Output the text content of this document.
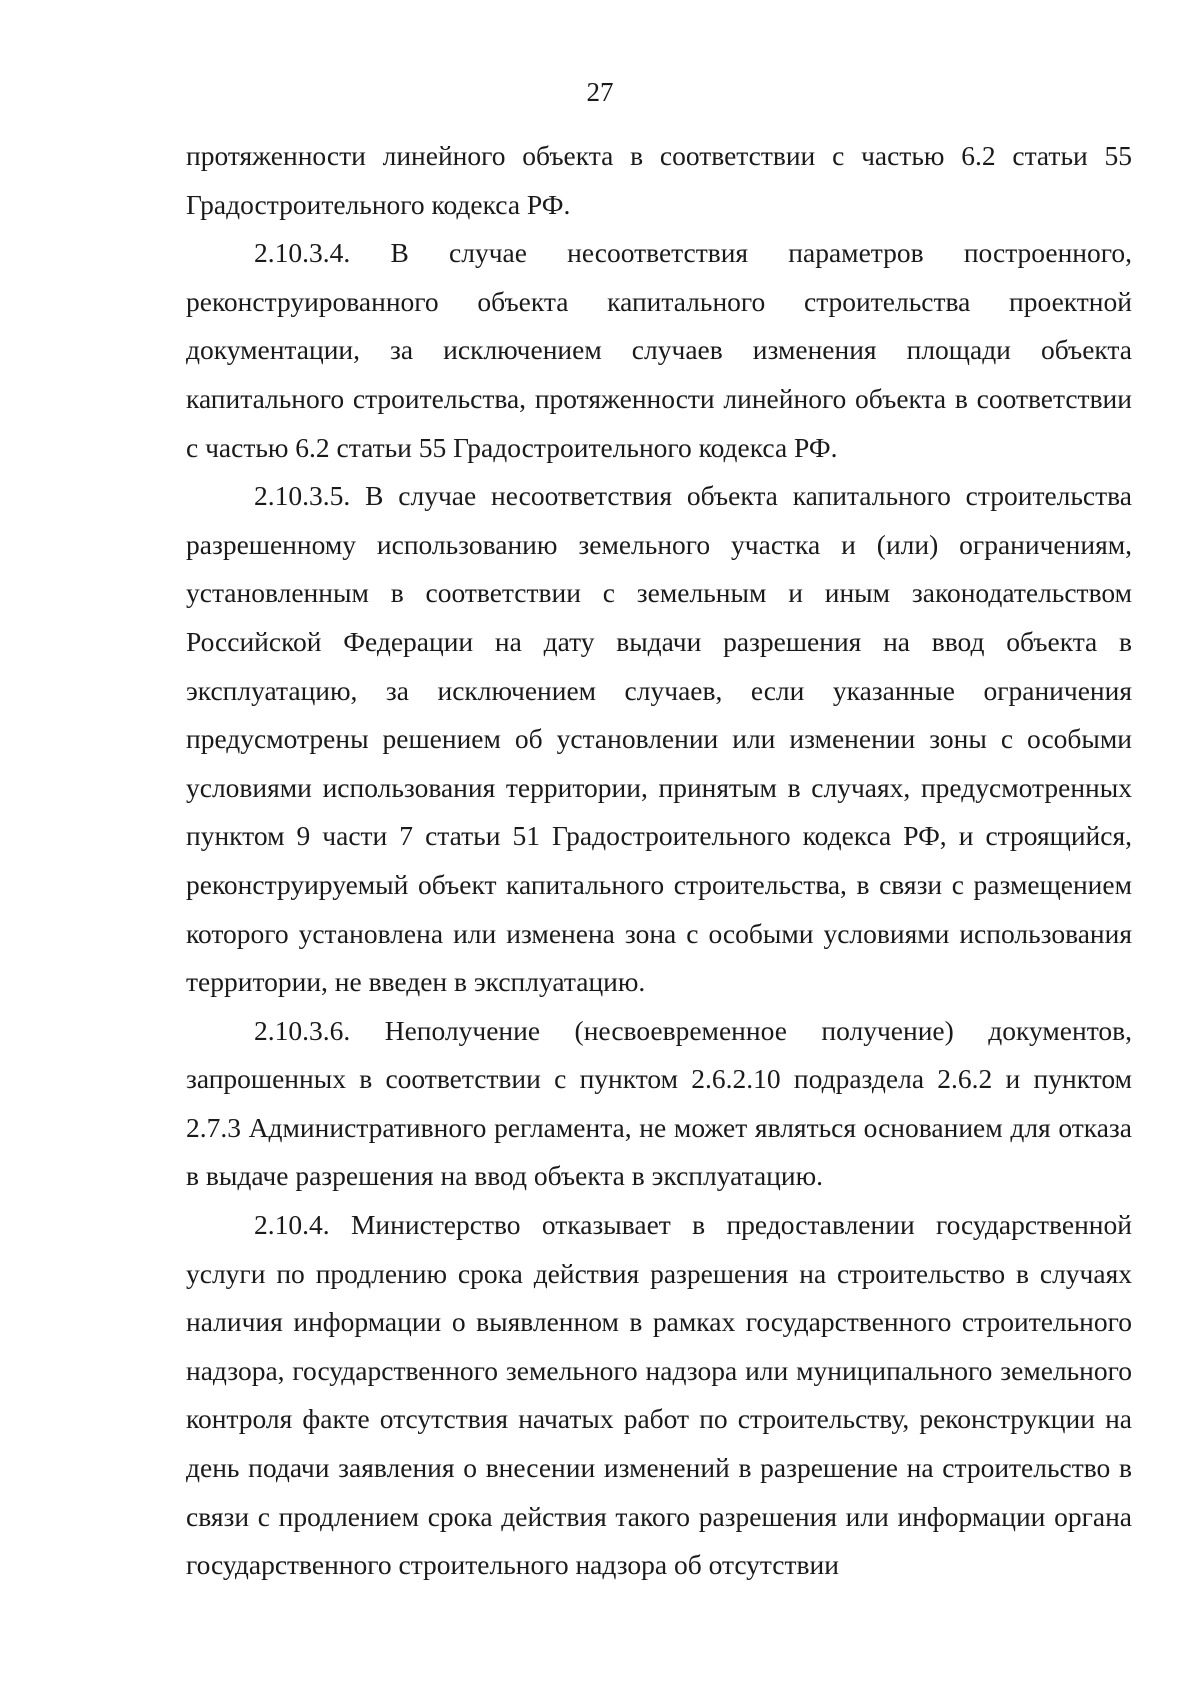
27

протяженности линейного объекта в соответствии с частью 6.2 статьи 55 Градостроительного кодекса РФ.

2.10.3.4. В случае несоответствия параметров построенного, реконструированного объекта капитального строительства проектной документации, за исключением случаев изменения площади объекта капитального строительства, протяженности линейного объекта в соответствии с частью 6.2 статьи 55 Градостроительного кодекса РФ.

2.10.3.5. В случае несоответствия объекта капитального строительства разрешенному использованию земельного участка и (или) ограничениям, установленным в соответствии с земельным и иным законодательством Российской Федерации на дату выдачи разрешения на ввод объекта в эксплуатацию, за исключением случаев, если указанные ограничения предусмотрены решением об установлении или изменении зоны с особыми условиями использования территории, принятым в случаях, предусмотренных пунктом 9 части 7 статьи 51 Градостроительного кодекса РФ, и строящийся, реконструируемый объект капитального строительства, в связи с размещением которого установлена или изменена зона с особыми условиями использования территории, не введен в эксплуатацию.

2.10.3.6. Неполучение (несвоевременное получение) документов, запрошенных в соответствии с пунктом 2.6.2.10 подраздела 2.6.2 и пунктом 2.7.3 Административного регламента, не может являться основанием для отказа в выдаче разрешения на ввод объекта в эксплуатацию.

2.10.4. Министерство отказывает в предоставлении государственной услуги по продлению срока действия разрешения на строительство в случаях наличия информации о выявленном в рамках государственного строительного надзора, государственного земельного надзора или муниципального земельного контроля факте отсутствия начатых работ по строительству, реконструкции на день подачи заявления о внесении изменений в разрешение на строительство в связи с продлением срока действия такого разрешения или информации органа государственного строительного надзора об отсутствии
